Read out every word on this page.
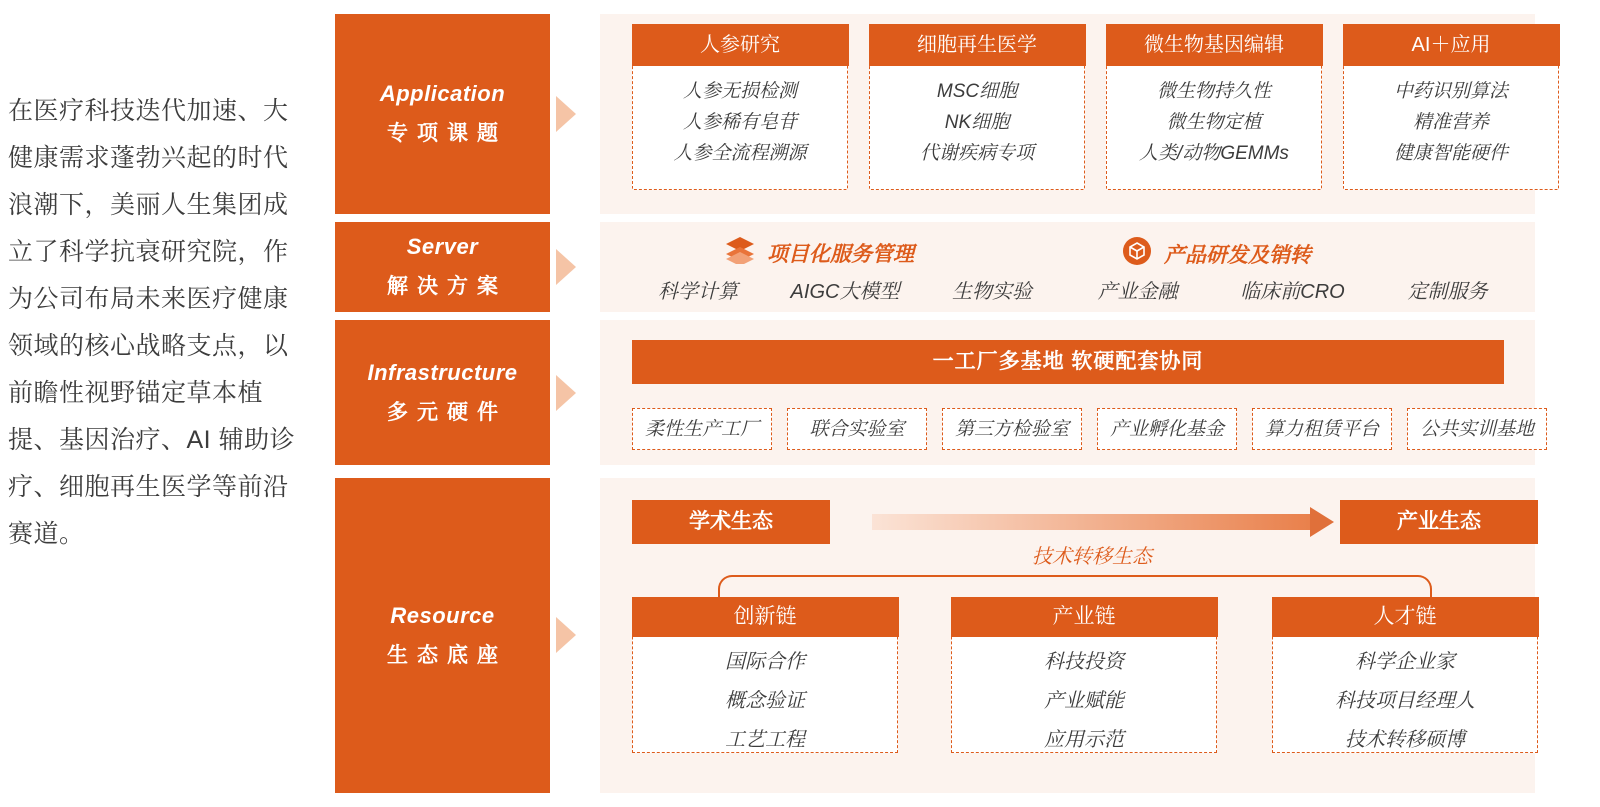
在医疗科技迭代加速、大健康需求蓬勃兴起的时代浪潮下，美丽人生集团成立了科学抗衰研究院，作为公司布局未来医疗健康领域的核心战略支点，以前瞻性视野锚定草本植提、基因治疗、AI 辅助诊疗、细胞再生医学等前沿赛道。
Application
专项课题
人参研究
人参无损检测
人参稀有皂苷
人参全流程溯源
细胞再生医学
MSC细胞
NK细胞
代谢疾病专项
微生物基因编辑
微生物持久性
微生物定植
人类/动物GEMMs
AI＋应用
中药识别算法
精准营养
健康智能硬件
Server
解决方案
项目化服务管理	产品研发及销转
科学计算	AIGC大模型	生物实验	产业金融	临床前CRO	定制服务
Infrastructure
多元硬件
一工厂多基地 软硬配套协同
柔性生产工厂	联合实验室	第三方检验室	产业孵化基金	算力租赁平台	公共实训基地
Resource
生态底座
学术生态	产业生态
技术转移生态
创新链
国际合作
概念验证
工艺工程
产业链
科技投资
产业赋能
应用示范
人才链
科学企业家
科技项目经理人
技术转移硕博
